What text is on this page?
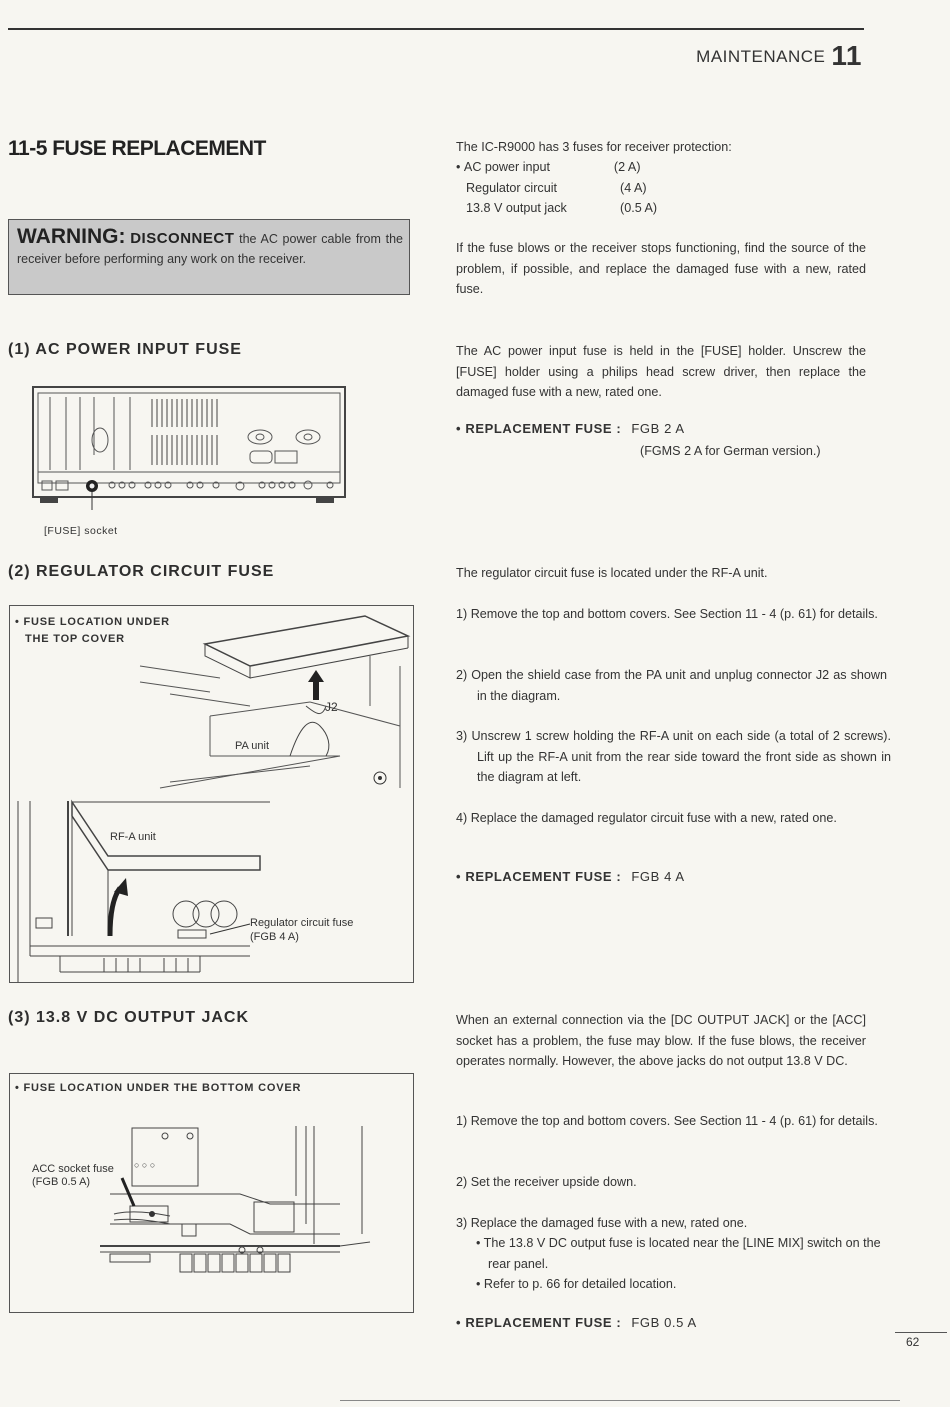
MAINTENANCE 11
11-5 FUSE REPLACEMENT
WARNING: DISCONNECT the AC power cable from the receiver before performing any work on the receiver.
The IC-R9000 has 3 fuses for receiver protection:
• AC power input	(2 A)
Regulator circuit	(4 A)
13.8 V output jack	(0.5 A)
If the fuse blows or the receiver stops functioning, find the source of the problem, if possible, and replace the damaged fuse with a new, rated fuse.
(1) AC POWER INPUT FUSE
[FUSE] socket
The AC power input fuse is held in the [FUSE] holder. Unscrew the [FUSE] holder using a philips head screw driver, then replace the damaged fuse with a new, rated one.
• REPLACEMENT FUSE : FGB 2 A
(FGMS 2 A for German version.)
(2) REGULATOR CIRCUIT FUSE
• FUSE LOCATION UNDER
THE TOP COVER
J2
PA unit
RF-A unit
Regulator circuit fuse
(FGB 4 A)
The regulator circuit fuse is located under the RF-A unit.
1) Remove the top and bottom covers. See Section 11 - 4 (p. 61) for details.
2) Open the shield case from the PA unit and unplug connector J2 as shown in the diagram.
3) Unscrew 1 screw holding the RF-A unit on each side (a total of 2 screws). Lift up the RF-A unit from the rear side toward the front side as shown in the diagram at left.
4) Replace the damaged regulator circuit fuse with a new, rated one.
• REPLACEMENT FUSE : FGB 4 A
(3) 13.8 V DC OUTPUT JACK
• FUSE LOCATION UNDER THE BOTTOM COVER
○ ○ ○
ACC socket fuse
(FGB 0.5 A)
When an external connection via the [DC OUTPUT JACK] or the [ACC] socket has a problem, the fuse may blow. If the fuse blows, the receiver operates normally. However, the above jacks do not output 13.8 V DC.
1) Remove the top and bottom covers. See Section 11 - 4 (p. 61) for details.
2) Set the receiver upside down.
3) Replace the damaged fuse with a new, rated one.
• The 13.8 V DC output fuse is located near the [LINE MIX] switch on the rear panel.
• Refer to p. 66 for detailed location.
• REPLACEMENT FUSE : FGB 0.5 A
62
